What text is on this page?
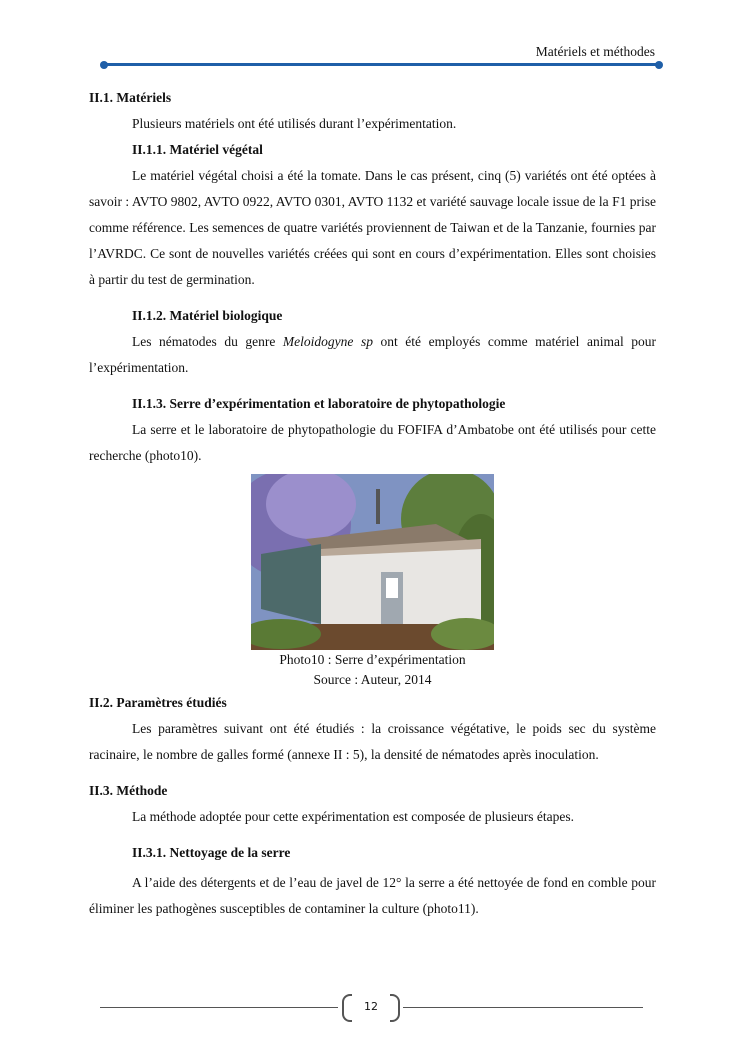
Matériels et méthodes
II.1. Matériels

Plusieurs matériels ont été utilisés durant l’expérimentation.

II.1.1. Matériel végétal

Le matériel végétal choisi a été la tomate. Dans le cas présent, cinq (5) variétés ont été optées à savoir : AVTO 9802, AVTO 0922, AVTO 0301, AVTO 1132 et variété sauvage locale issue de la F1 prise comme référence. Les semences de quatre variétés proviennent de Taiwan et de la Tanzanie, fournies par l’AVRDC. Ce sont de nouvelles variétés créées qui sont en cours d’expérimentation. Elles sont choisies à partir du test de germination.

II.1.2. Matériel biologique

Les nématodes du genre Meloidogyne sp ont été employés comme matériel animal pour l’expérimentation.

II.1.3. Serre d’expérimentation et laboratoire de phytopathologie

La serre et le laboratoire de phytopathologie du FOFIFA d’Ambatobe ont été utilisés pour cette recherche (photo10).

Photo10 : Serre d’expérimentation
Source : Auteur, 2014
II.2. Paramètres étudiés

Les paramètres suivant ont été étudiés : la croissance végétative, le poids sec du système racinaire, le nombre de galles formé (annexe II : 5), la densité de nématodes après inoculation.

II.3. Méthode

La méthode adoptée pour cette expérimentation est composée de plusieurs étapes.

II.3.1. Nettoyage de la serre

A l’aide des détergents et de l’eau de javel de 12° la serre a été nettoyée de fond en comble pour éliminer les pathogènes susceptibles de contaminer la culture (photo11).

12
